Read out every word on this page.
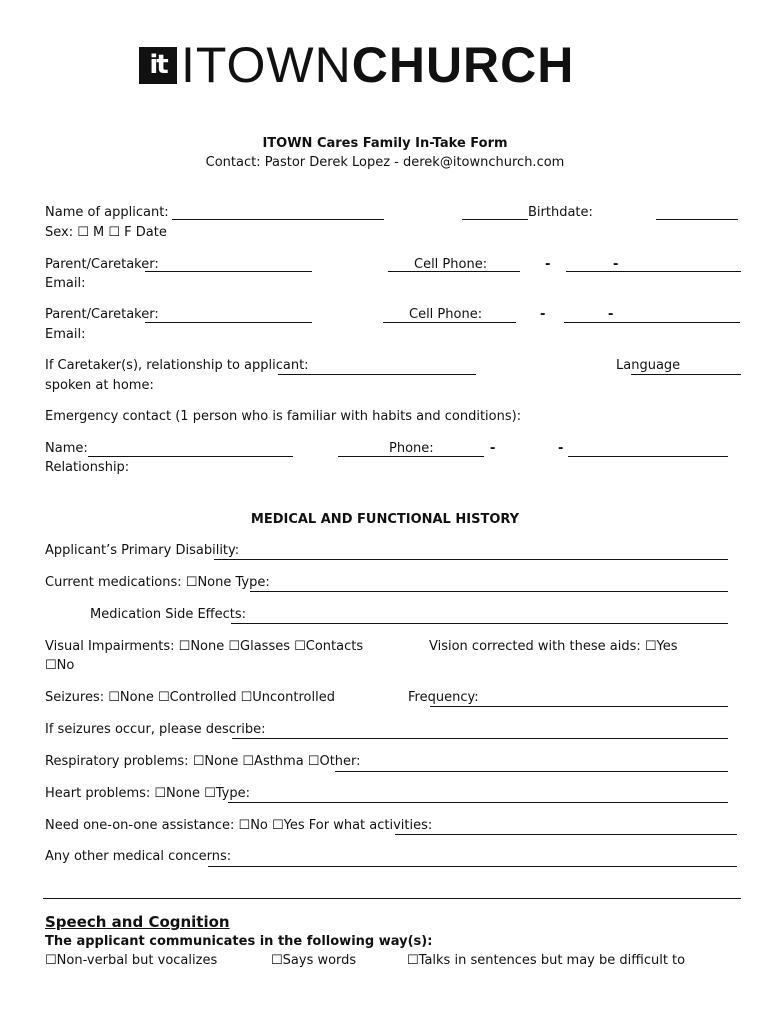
it ITOWNCHURCH
ITOWN Cares Family In-Take Form
Contact: Pastor Derek Lopez - derek@itownchurch.com
Name of applicant:	Birthdate:
Sex: ☐ M ☐ F Date
Parent/Caretaker:	Cell Phone:	-	-
Email:
Parent/Caretaker:	Cell Phone:	-	-
Email:
If Caretaker(s), relationship to applicant:	Language
spoken at home:
Emergency contact (1 person who is familiar with habits and conditions):
Name:	Phone:	-	-
Relationship:
MEDICAL AND FUNCTIONAL HISTORY
Applicant’s Primary Disability:
Current medications: ☐None Type:
Medication Side Effects:
Visual Impairments: ☐None ☐Glasses ☐Contacts	Vision corrected with these aids: ☐Yes
☐No
Seizures: ☐None ☐Controlled ☐Uncontrolled	Frequency:
If seizures occur, please describe:
Respiratory problems: ☐None ☐Asthma ☐Other:
Heart problems: ☐None ☐Type:
Need one-on-one assistance: ☐No ☐Yes For what activities:
Any other medical concerns:
Speech and Cognition
The applicant communicates in the following way(s):
☐Non-verbal but vocalizes	☐Says words	☐Talks in sentences but may be difficult to
